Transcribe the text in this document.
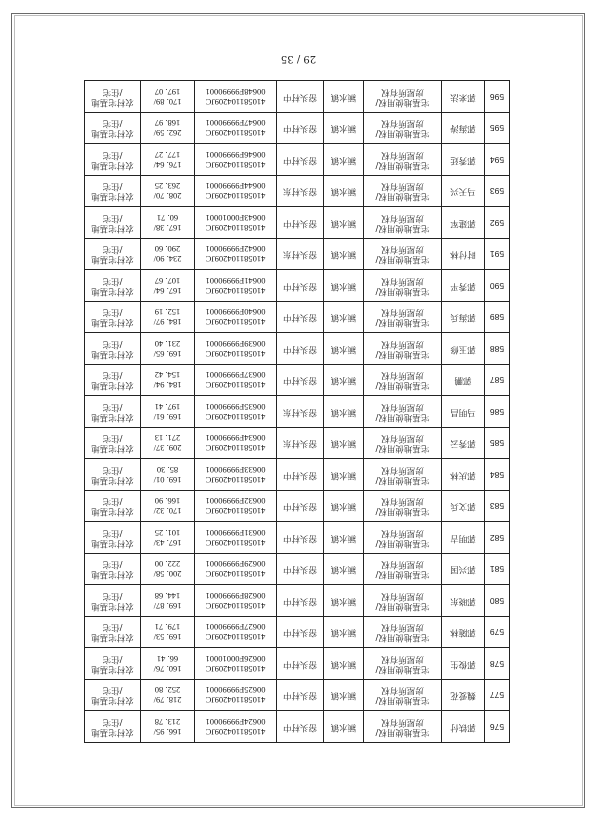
29 / 35
576	郭铁付	宅基地使用权/
房屋所有权	颍水镇	窑头村中	410581104209JC
00624F99990001	166. 95/
213. 78	农村宅基地
/住宅

577	魏爱花	宅基地使用权/
房屋所有权	颍水镇	窑头村中	410581104209JC
00625F99990001	218. 79/
252. 80	农村宅基地
/住宅

578	郭俊生	宅基地使用权/
房屋所有权	颍水镇	窑头村中	410581104209JC
00626F00010001	160. 76/
66. 41	农村宅基地
/住宅

579	郭随林	宅基地使用权/
房屋所有权	颍水镇	窑头村中	410581104209JC
00627F99990001	169. 53/
179. 71	农村宅基地
/住宅

580	郭晓东	宅基地使用权/
房屋所有权	颍水镇	窑头村中	410581104209JC
00628F99990001	169. 87/
144. 68	农村宅基地
/住宅

581	郭兴国	宅基地使用权/
房屋所有权	颍水镇	窑头村中	410581104209JC
00629F99990001	200. 58/
222. 00	农村宅基地
/住宅

582	郭明吉	宅基地使用权/
房屋所有权	颍水镇	窑头村中	410581104209JC
00631F99990001	167. 43/
101. 25	农村宅基地
/住宅

583	郭文兵	宅基地使用权/
房屋所有权	颍水镇	窑头村中	410581104209JC
00632F99990001	170. 32/
166. 90	农村宅基地
/住宅

584	郭庆林	宅基地使用权/
房屋所有权	颍水镇	窑头村中	410581104209JC
00633F99990001	169. 01/
85. 30	农村宅基地
/住宅

585	郭秀云	宅基地使用权/
房屋所有权	颍水镇	窑头村东	410581104209JC
00634F99990001	209. 37/
271. 13	农村宅基地
/住宅

586	马明昌	宅基地使用权/
房屋所有权	颍水镇	窑头村东	410581104209JC
00635F99990001	169. 61/
197. 41	农村宅基地
/住宅

587	郭鹏	宅基地使用权/
房屋所有权	颍水镇	窑头村中	410581104209JC
00637F99990001	184. 94/
154. 42	农村宅基地
/住宅

588	郭玉修	宅基地使用权/
房屋所有权	颍水镇	窑头村中	410581104209JC
00639F99990001	169. 65/
231. 40	农村宅基地
/住宅

589	郭海兵	宅基地使用权/
房屋所有权	颍水镇	窑头村中	410581104209JC
00640F99990001	184. 97/
152. 19	农村宅基地
/住宅

590	郭秀平	宅基地使用权/
房屋所有权	颍水镇	窑头村中	410581104209JC
00641F99990001	167. 64/
107. 67	农村宅基地
/住宅

591	时付林	宅基地使用权/
房屋所有权	颍水镇	窑头村东	410581104209JC
00642F99990001	234. 90/
290. 60	农村宅基地
/住宅

592	郭建军	宅基地使用权/
房屋所有权	颍水镇	窑头村中	410581104209JC
00643F00010001	167. 38/
60. 71	农村宅基地
/住宅

593	马天兴	宅基地使用权/
房屋所有权	颍水镇	窑头村东	410581104209JC
00644F99990001	208. 70/
263. 25	农村宅基地
/住宅

594	郭秀廷	宅基地使用权/
房屋所有权	颍水镇	窑头村中	410581104209JC
00646F99990001	176. 64/
177. 27	农村宅基地
/住宅

595	郭海涛	宅基地使用权/
房屋所有权	颍水镇	窑头村中	410581104209JC
00647F99990001	262. 59/
168. 97	农村宅基地
/住宅

596	郭来法	宅基地使用权/
房屋所有权	颍水镇	窑头村中	410581104209JC
00648F99990001	170. 89/
197. 07	农村宅基地
/住宅
